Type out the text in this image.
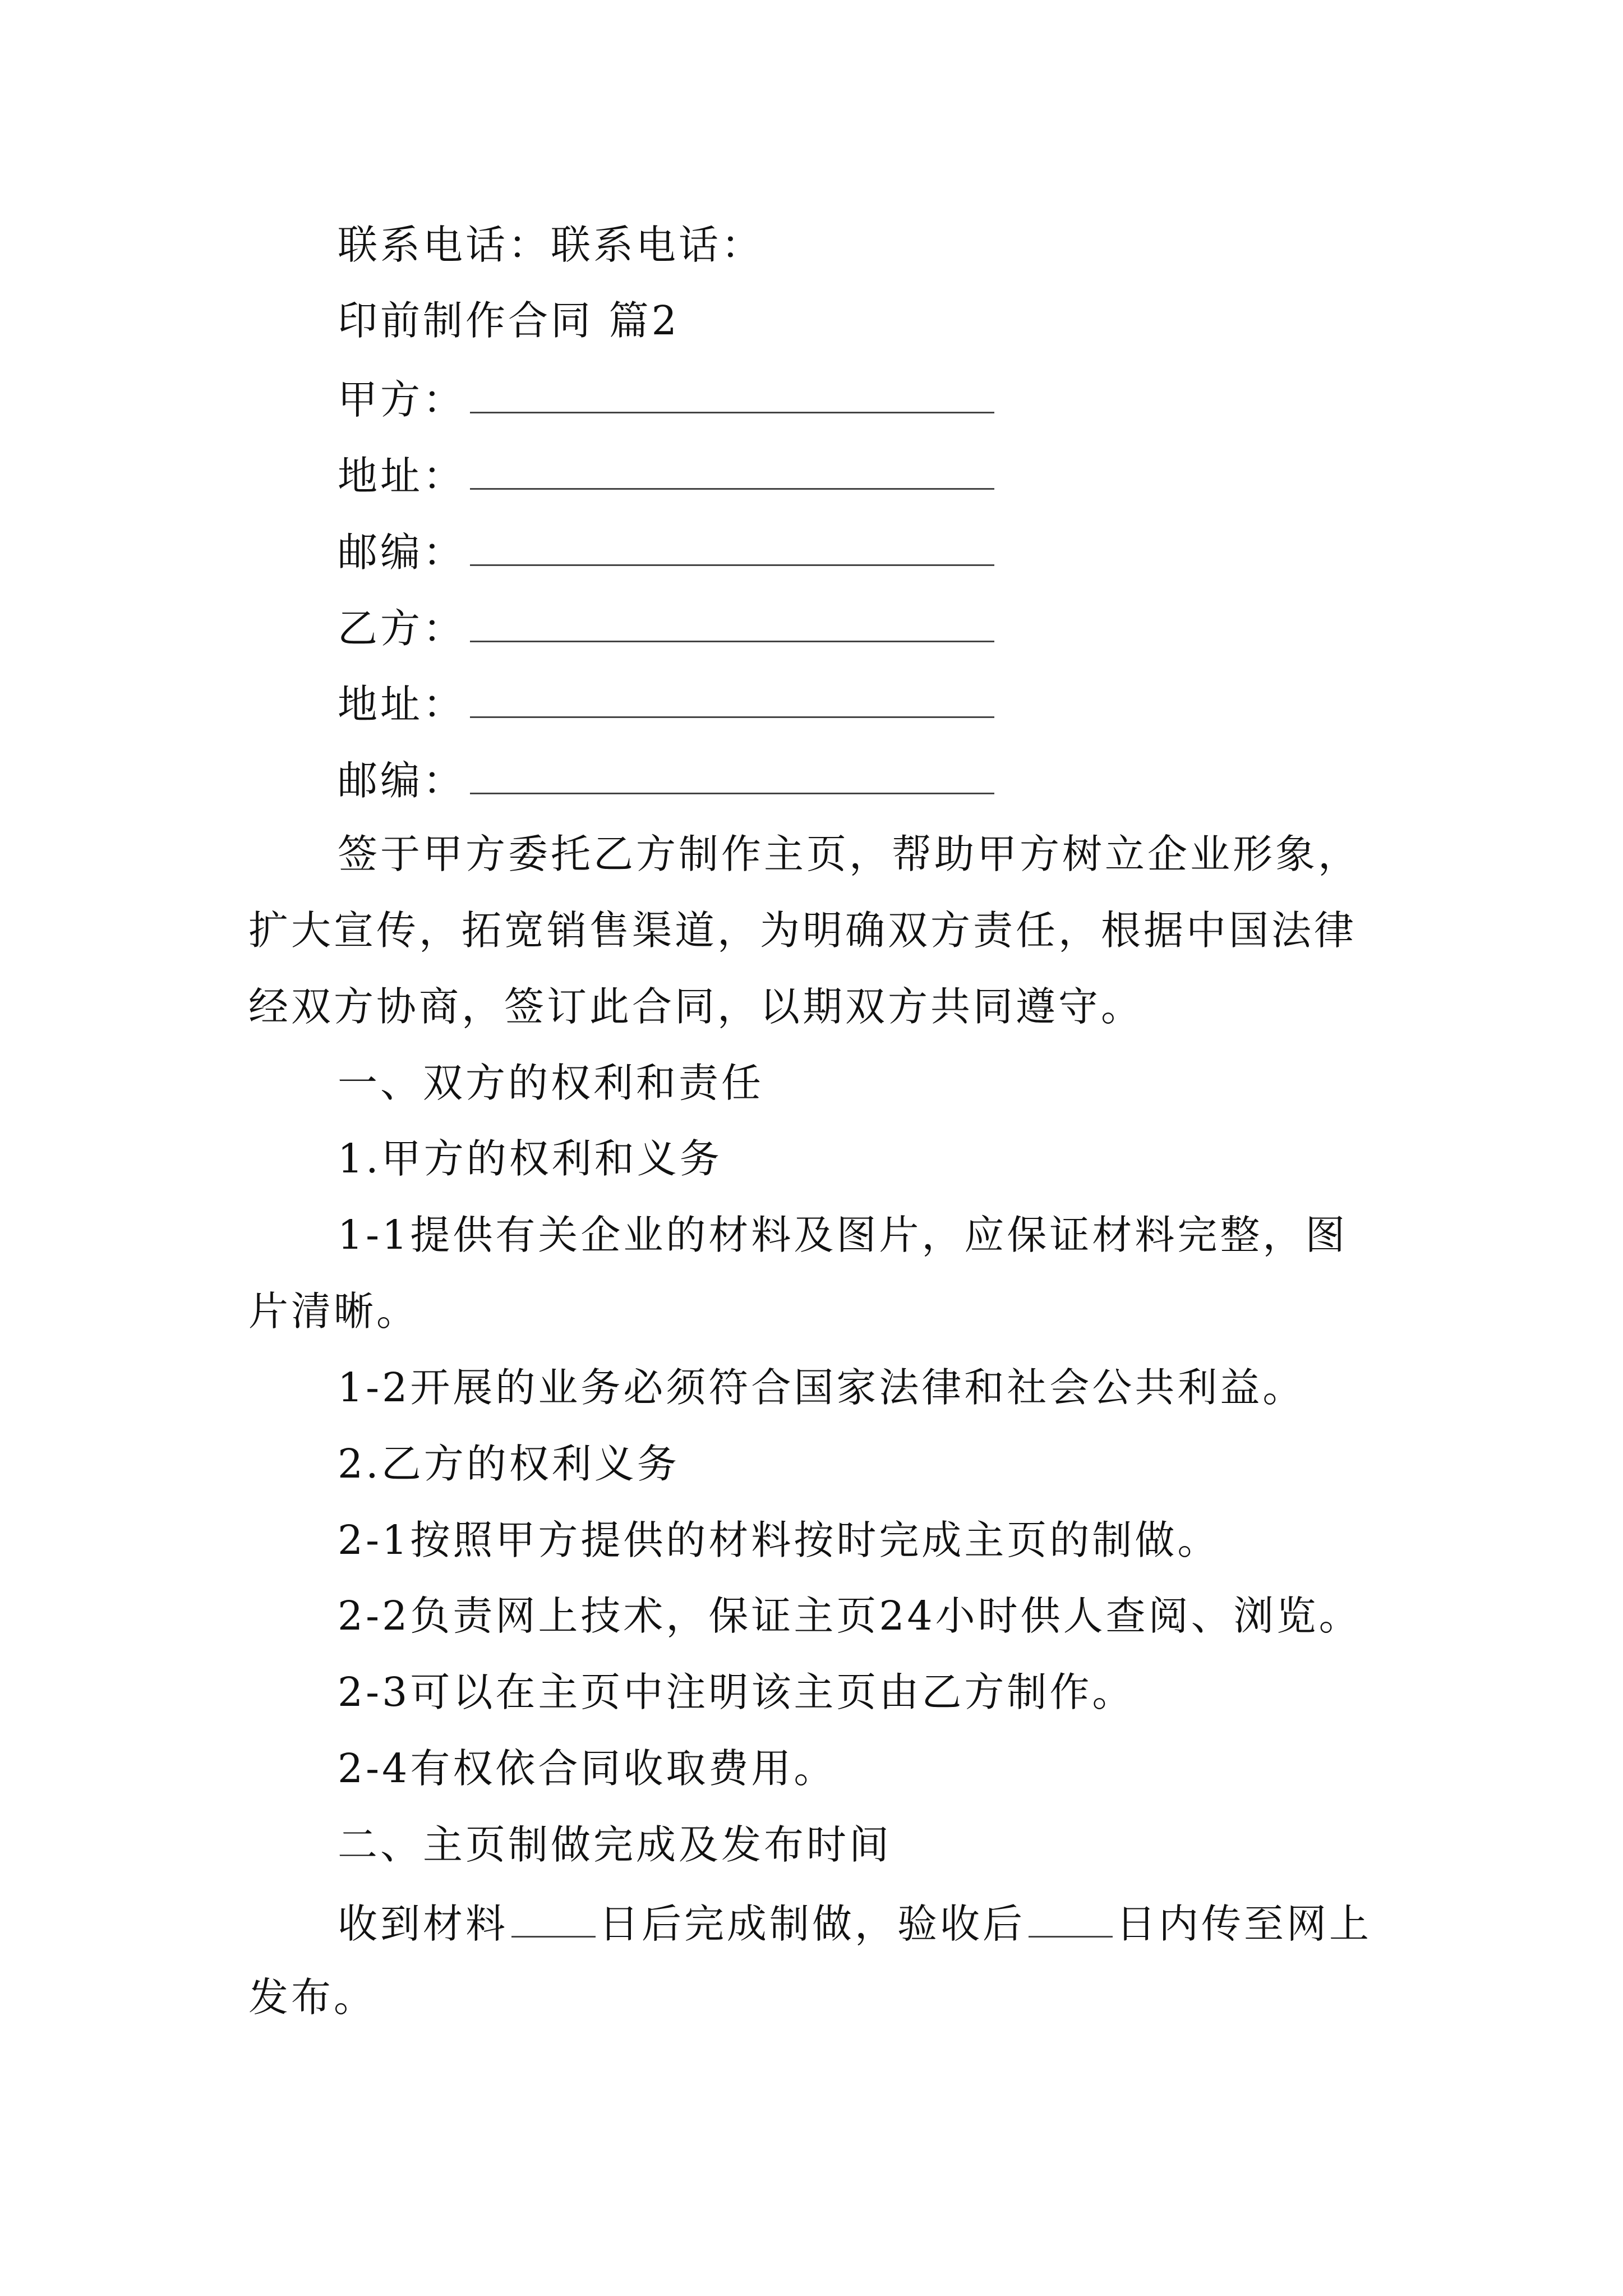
联系电话：联系电话：
印前制作合同 篇2
甲方：
地址：
邮编：
乙方：
地址：
邮编：
签于甲方委托乙方制作主页，帮助甲方树立企业形象，
扩大宣传，拓宽销售渠道，为明确双方责任，根据中国法律
经双方协商，签订此合同，以期双方共同遵守。
一、双方的权利和责任
1.甲方的权利和义务
1-1提供有关企业的材料及图片，应保证材料完整，图
片清晰。
1-2开展的业务必须符合国家法律和社会公共利益。
2.乙方的权利义务
2-1按照甲方提供的材料按时完成主页的制做。
2-2负责网上技术，保证主页24小时供人查阅、浏览。
2-3可以在主页中注明该主页由乙方制作。
2-4有权依合同收取费用。
二、主页制做完成及发布时间
收到材料 日后完成制做，验收后 日内传至网上
发布。
